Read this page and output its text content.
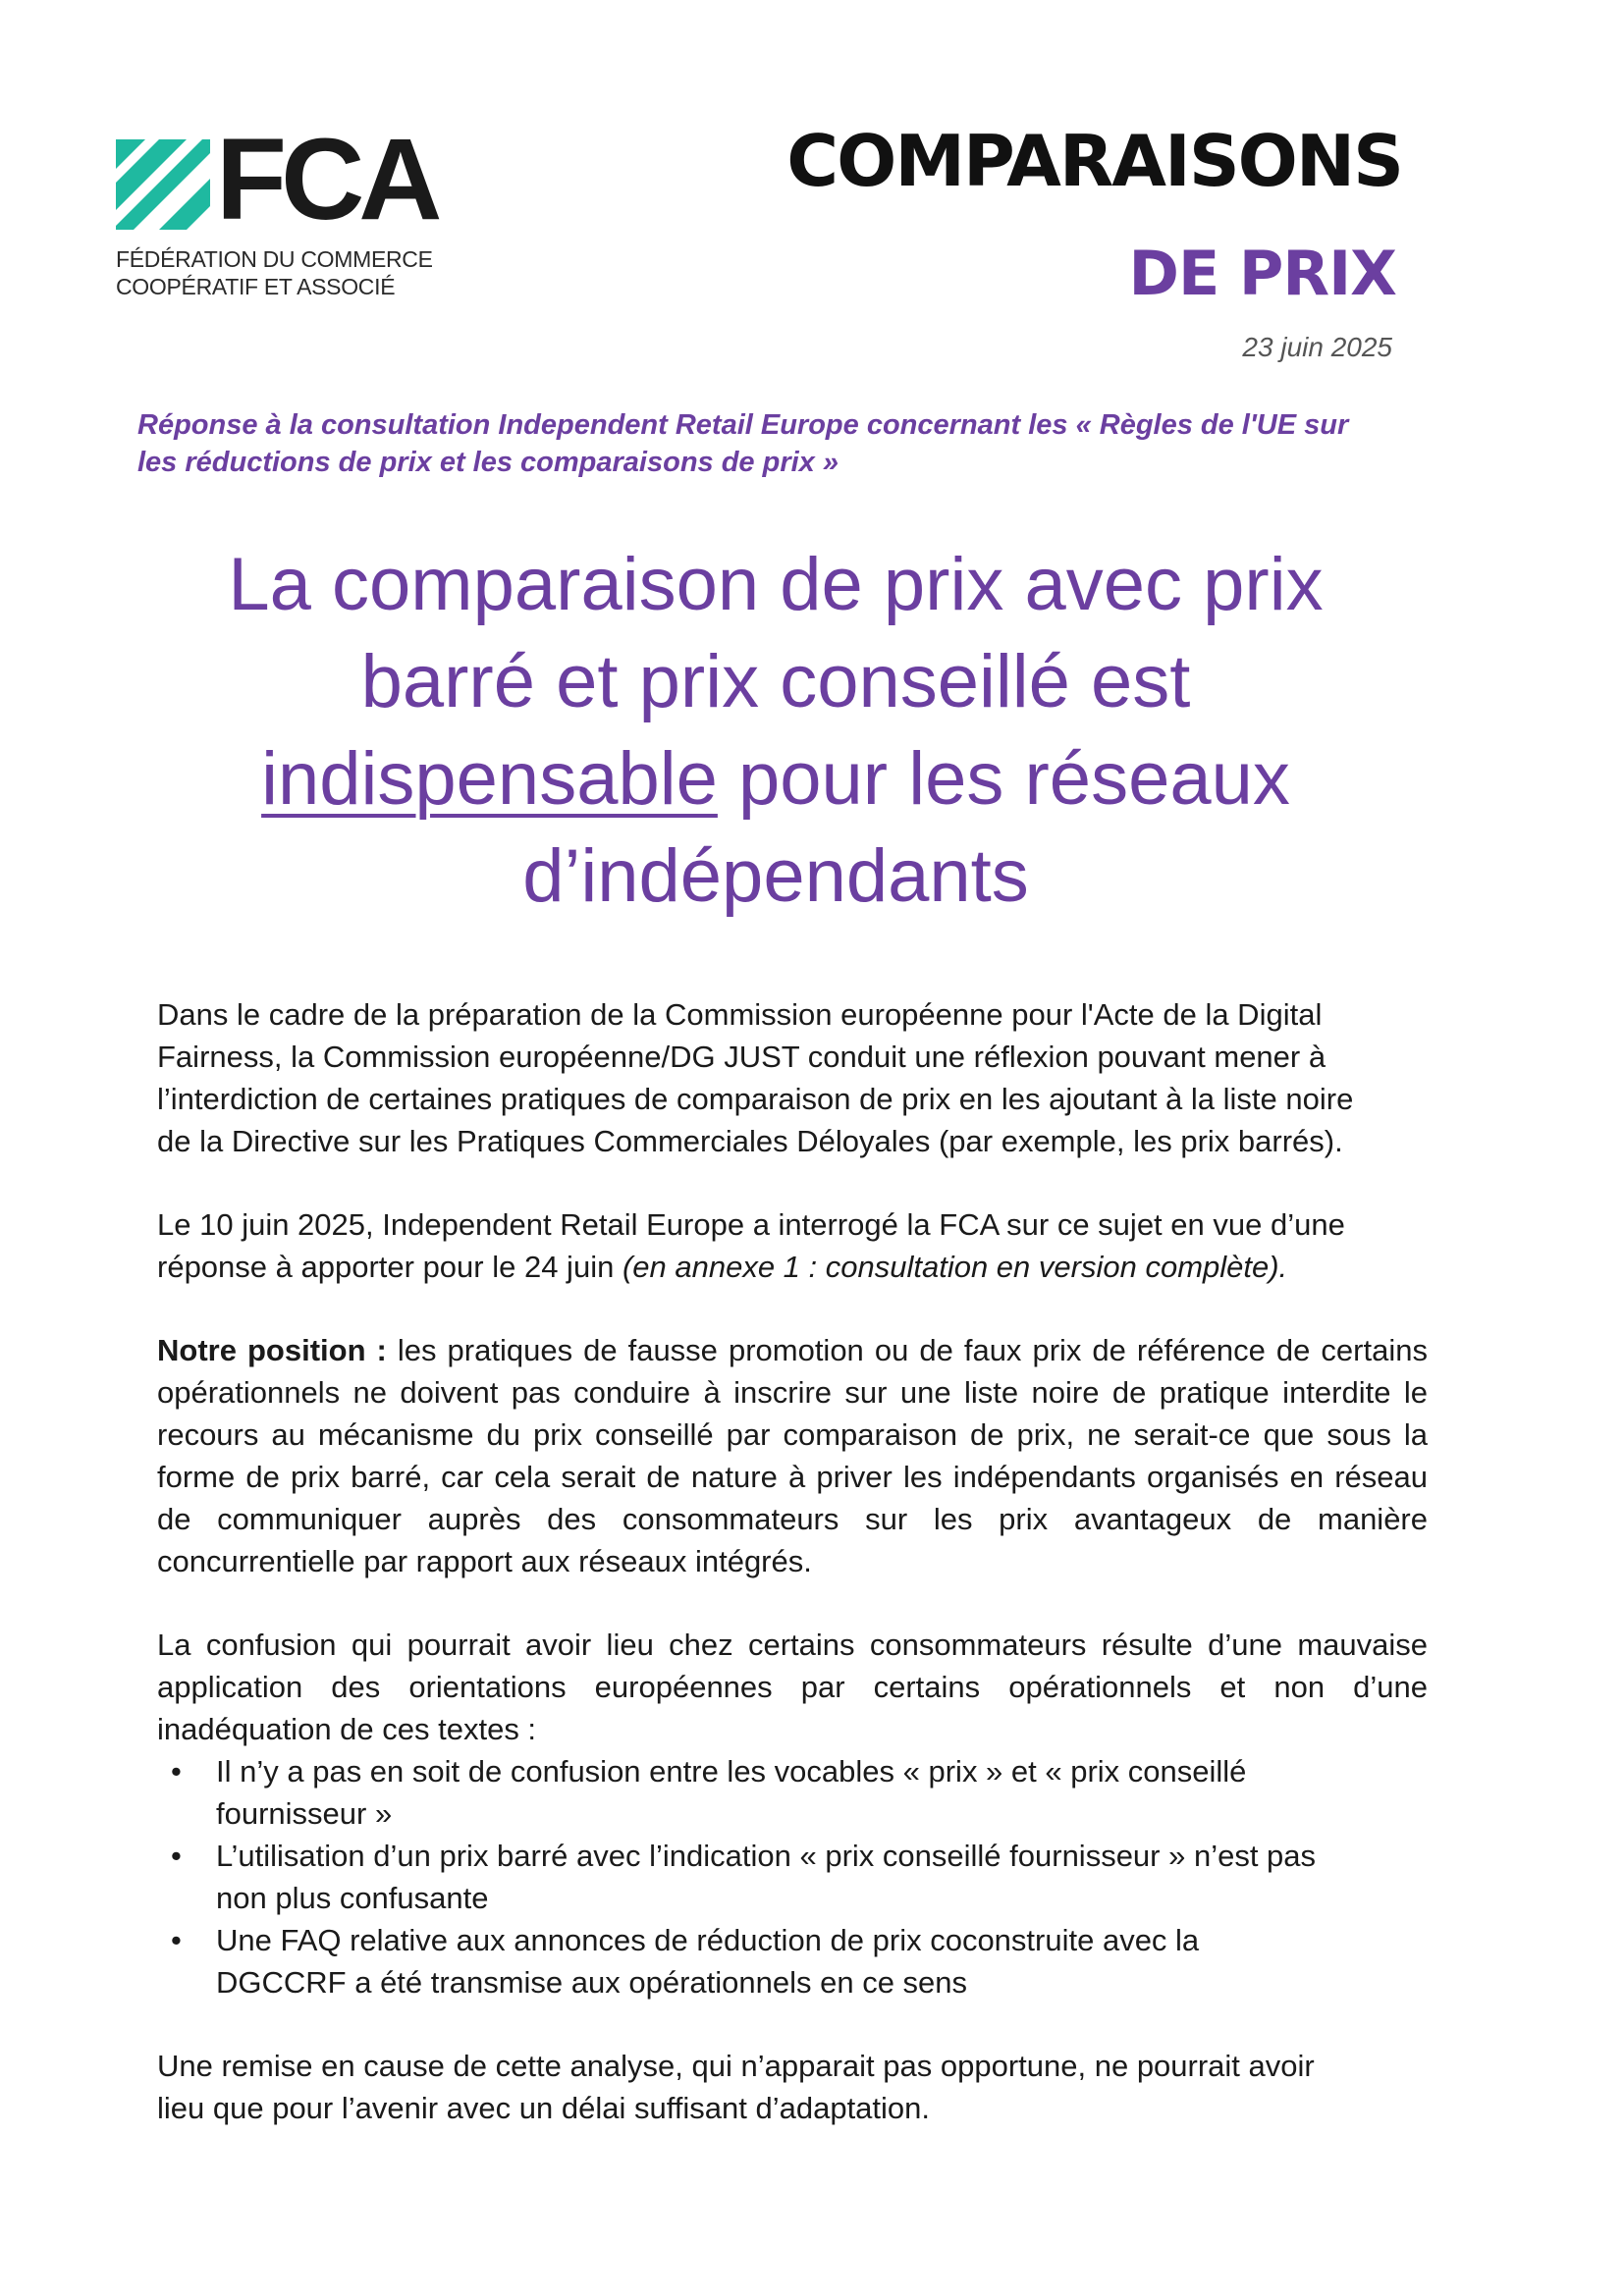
FCA
FÉDÉRATION DU COMMERCE
COOPÉRATIF ET ASSOCIÉ
COMPARAISONS
DE PRIX
23 juin 2025
Réponse à la consultation Independent Retail Europe concernant les « Règles de l'UE sur
les réductions de prix et les comparaisons de prix »
La comparaison de prix avec prix
barré et prix conseillé est
indispensable pour les réseaux
d’indépendants

Dans le cadre de la préparation de la Commission européenne pour l'Acte de la Digital
Fairness, la Commission européenne/DG JUST conduit une réflexion pouvant mener à
l’interdiction de certaines pratiques de comparaison de prix en les ajoutant à la liste noire
de la Directive sur les Pratiques Commerciales Déloyales (par exemple, les prix barrés).

Le 10 juin 2025, Independent Retail Europe a interrogé la FCA sur ce sujet en vue d’une
réponse à apporter pour le 24 juin (en annexe 1 : consultation en version complète).

Notre position : les pratiques de fausse promotion ou de faux prix de référence de certains opérationnels ne doivent pas conduire à inscrire sur une liste noire de pratique interdite le recours au mécanisme du prix conseillé par comparaison de prix, ne serait-ce que sous la forme de prix barré, car cela serait de nature à priver les indépendants organisés en réseau de communiquer auprès des consommateurs sur les prix avantageux de manière concurrentielle par rapport aux réseaux intégrés.

La confusion qui pourrait avoir lieu chez certains consommateurs résulte d’une mauvaise application des orientations européennes par certains opérationnels et non d’une inadéquation de ces textes :

• Il n’y a pas en soit de confusion entre les vocables « prix » et « prix conseillé
fournisseur »
• L’utilisation d’un prix barré avec l’indication « prix conseillé fournisseur » n’est pas
non plus confusante
• Une FAQ relative aux annonces de réduction de prix coconstruite avec la
DGCCRF a été transmise aux opérationnels en ce sens

Une remise en cause de cette analyse, qui n’apparait pas opportune, ne pourrait avoir
lieu que pour l’avenir avec un délai suffisant d’adaptation.
